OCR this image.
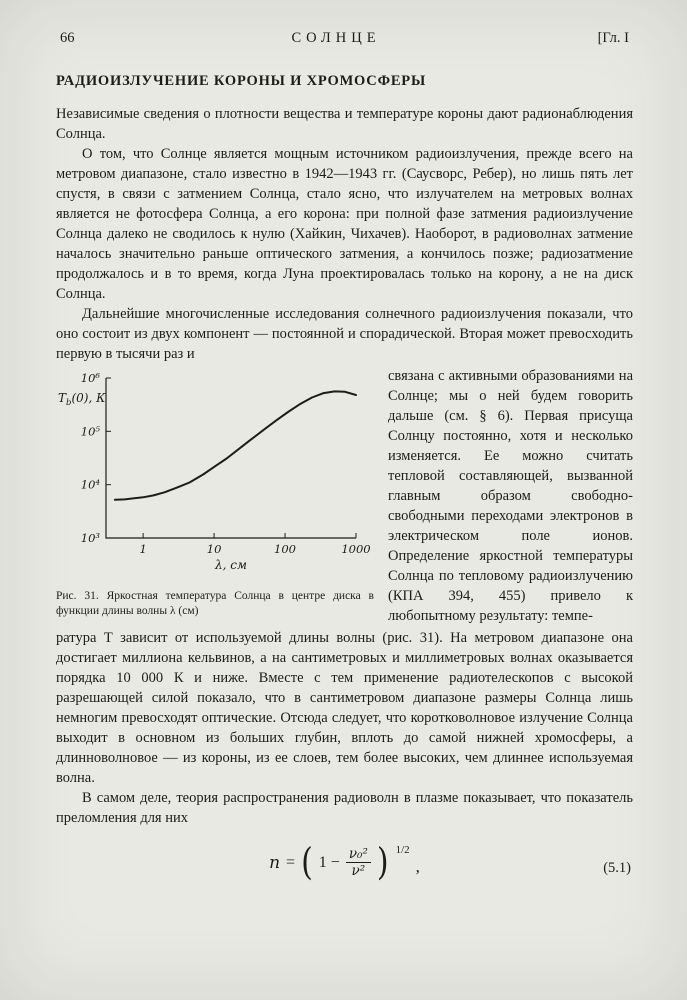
66	СОЛНЦЕ	[Гл. I
РАДИОИЗЛУЧЕНИЕ КОРОНЫ И ХРОМОСФЕРЫ

Независимые сведения о плотности вещества и температуре короны дают радионаблюдения Солнца.

О том, что Солнце является мощным источником радиоизлучения, прежде всего на метровом диапазоне, стало известно в 1942—1943 гг. (Саусворс, Ребер), но лишь пять лет спустя, в связи с затмением Солнца, стало ясно, что излучателем на метровых волнах является не фотосфера Солнца, а его корона: при полной фазе затмения радиоизлучение Солнца далеко не сводилось к нулю (Хайкин, Чихачев). Наоборот, в радиоволнах затмение началось значительно раньше оптического затмения, а кончилось позже; радиозатмение продолжалось и в то время, когда Луна проектировалась только на корону, а не на диск Солнца.

Дальнейшие многочисленные исследования солнечного радиоизлучения показали, что оно состоит из двух компонент — постоянной и спорадической. Вторая может превосходить первую в тысячи раз и

10³
10⁴
10⁵
10⁶
1	10	100	1000
λ, см
$T_b(0)$, К
Рис. 31. Яркостная температура Солнца в центре диска в функции длины волны λ (см)
связана с активными образованиями на Солнце; мы о ней будем говорить дальше (см. § 6). Первая присуща Солнцу постоянно, хотя и несколько изменяется. Ее можно считать тепловой составляющей, вызванной главным образом свободно-свободными переходами электронов в электрическом поле ионов. Определение яркостной температуры Солнца по тепловому радиоизлучению (КПА 394, 455) привело к любопытному результату: темпе-

ратура Т зависит от используемой длины волны (рис. 31). На метровом диапазоне она достигает миллиона кельвинов, а на сантиметровых и миллиметровых волнах оказывается порядка 10 000 К и ниже. Вместе с тем применение радиотелескопов с высокой разрешающей силой показало, что в сантиметровом диапазоне размеры Солнца лишь немногим превосходят оптические. Отсюда следует, что коротковолновое излучение Солнца выходит в основном из больших глубин, вплоть до самой нижней хромосферы, а длинноволновое — из короны, из ее слоев, тем более высоких, чем длиннее используемая волна.

В самом деле, теория распространения радиоволн в плазме показывает, что показатель преломления для них

n = ( $1 - \frac{\text{ν₀²}}{\text{ν²}}$ ) 1/2
,	(5.1)
